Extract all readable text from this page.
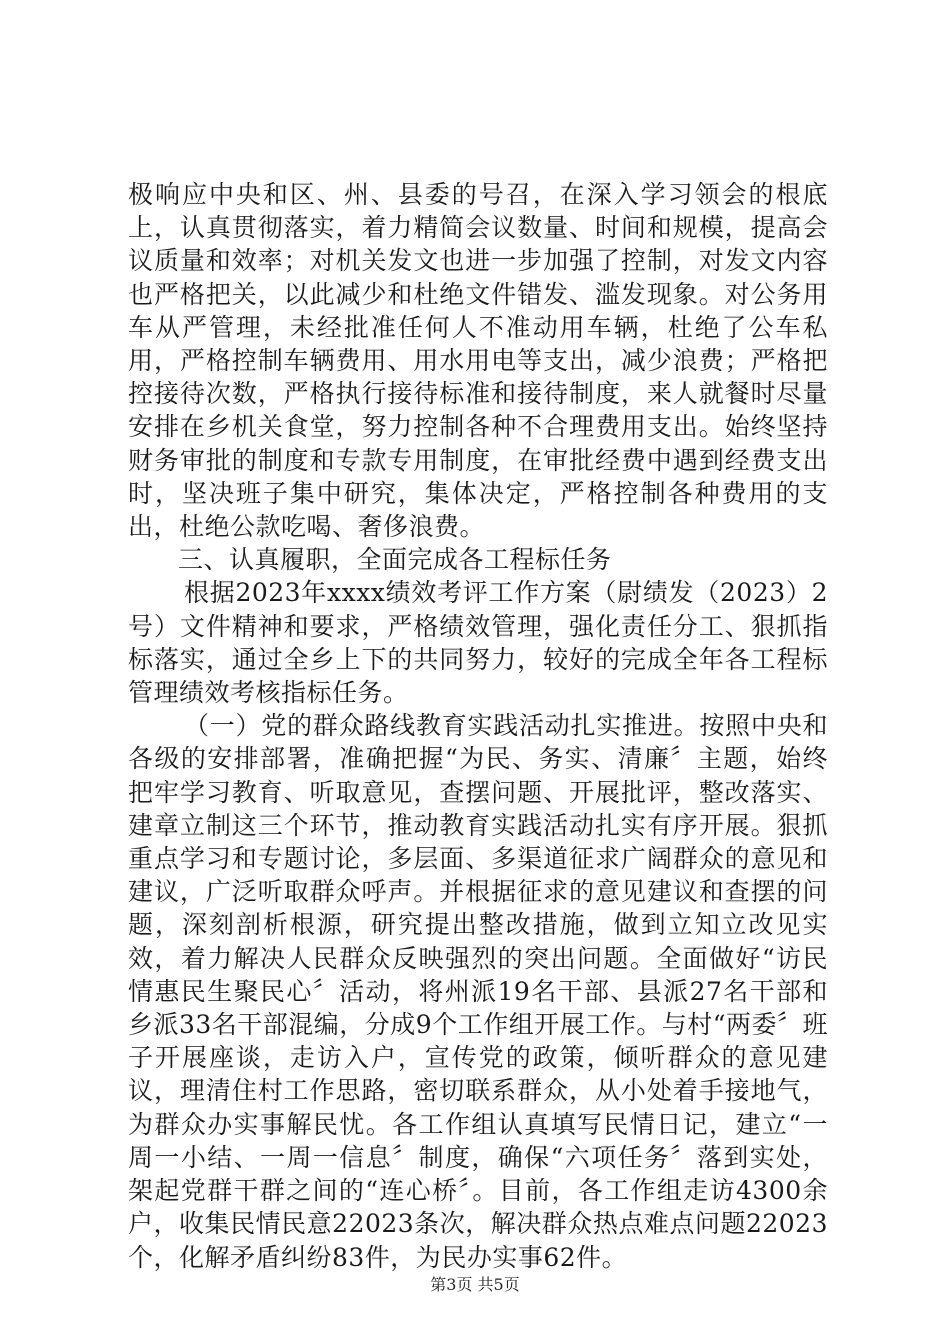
极响应中央和区、州、县委的号召，在深入学习领会的根底上，认真贯彻落实，着力精简会议数量、时间和规模，提高会议质量和效率；对机关发文也进一步加强了控制，对发文内容也严格把关，以此减少和杜绝文件错发、滥发现象。对公务用车从严管理，未经批准任何人不准动用车辆，杜绝了公车私用，严格控制车辆费用、用水用电等支出，减少浪费；严格把控接待次数，严格执行接待标准和接待制度，来人就餐时尽量安排在乡机关食堂，努力控制各种不合理费用支出。始终坚持财务审批的制度和专款专用制度，在审批经费中遇到经费支出时，坚决班子集中研究，集体决定，严格控制各种费用的支出，杜绝公款吃喝、奢侈浪费。

三、认真履职，全面完成各工程标任务

根据2023年xxxx绩效考评工作方案（尉绩发（2023）2号）文件精神和要求，严格绩效管理，强化责任分工、狠抓指标落实，通过全乡上下的共同努力，较好的完成全年各工程标管理绩效考核指标任务。

（一）党的群众路线教育实践活动扎实推进。按照中央和各级的安排部署，准确把握“为民、务实、清廉〞主题，始终把牢学习教育、听取意见，查摆问题、开展批评，整改落实、建章立制这三个环节，推动教育实践活动扎实有序开展。狠抓重点学习和专题讨论，多层面、多渠道征求广阔群众的意见和建议，广泛听取群众呼声。并根据征求的意见建议和查摆的问题，深刻剖析根源，研究提出整改措施，做到立知立改见实效，着力解决人民群众反映强烈的突出问题。全面做好“访民情惠民生聚民心〞活动，将州派19名干部、县派27名干部和乡派33名干部混编，分成9个工作组开展工作。与村“两委〞班子开展座谈，走访入户，宣传党的政策，倾听群众的意见建议，理清住村工作思路，密切联系群众，从小处着手接地气，为群众办实事解民忧。各工作组认真填写民情日记，建立“一周一小结、一周一信息〞制度，确保“六项任务〞落到实处，架起党群干群之间的“连心桥〞。目前，各工作组走访4300余户，收集民情民意22023条次，解决群众热点难点问题22023个，化解矛盾纠纷83件，为民办实事62件。

第3页 共5页
